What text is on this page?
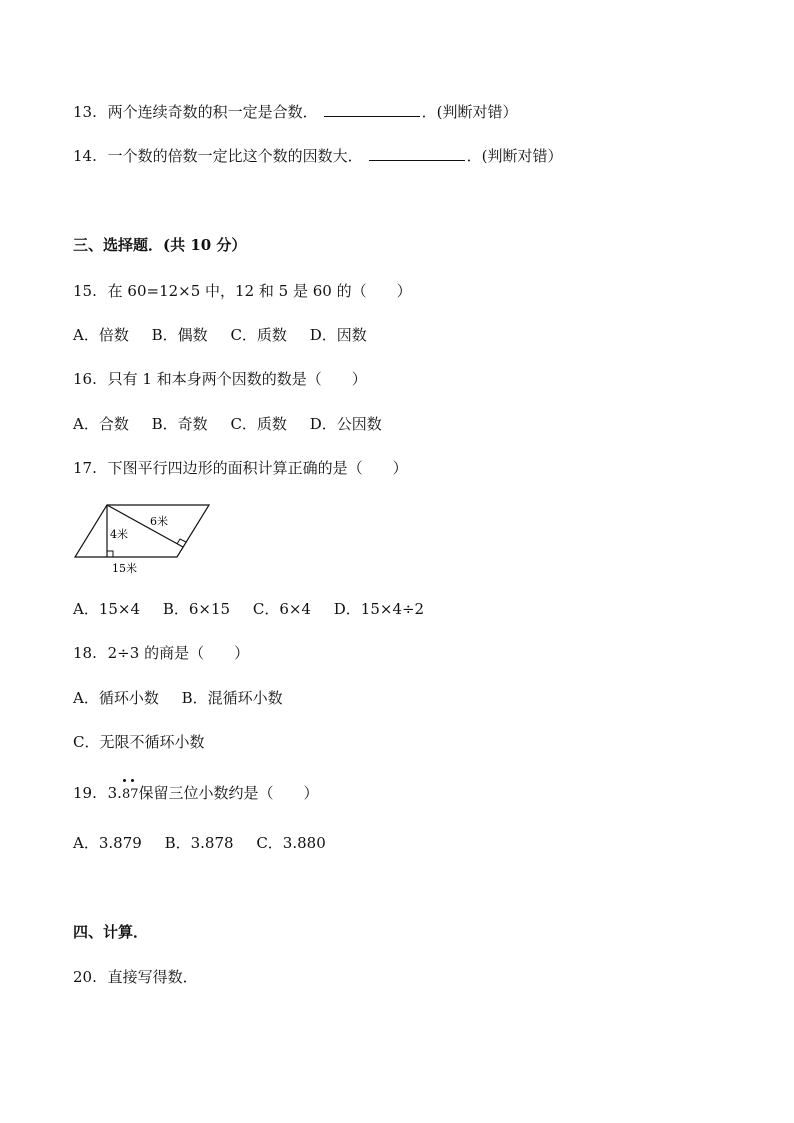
13. 两个连续奇数的积一定是合数．	．(判断对错）
14. 一个数的倍数一定比这个数的因数大．	．(判断对错）
三、选择题．(共 10 分）
15. 在 60=12×5 中，12 和 5 是 60 的（　　）
A．倍数 B．偶数 C．质数 D．因数
16. 只有 1 和本身两个因数的数是（　　）
A．合数 B．奇数 C．质数 D．公因数
17. 下图平行四边形的面积计算正确的是（　　）
6米
4米
15米
A．15×4 B．6×15 C．6×4 D．15×4÷2
18. 2÷3 的商是（　　）
A．循环小数 B．混循环小数
C．无限不循环小数
19. 3.
87保留三位小数约是（　　）
A．3.879 B．3.878 C．3.880
四、计算．
20. 直接写得数．
